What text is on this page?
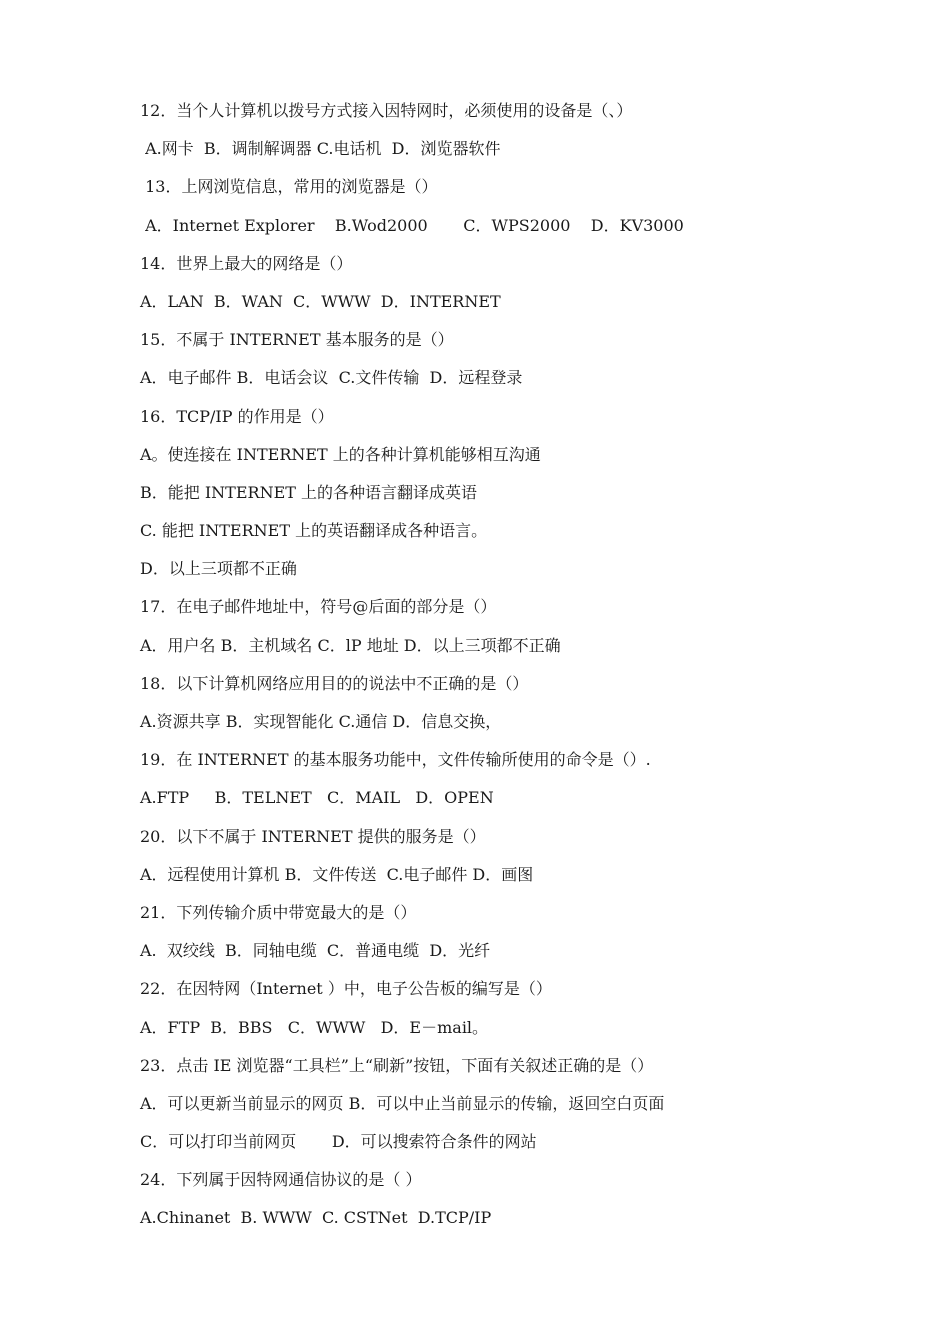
12．当个人计算机以拨号方式接入因特网时，必须使用的设备是（、）
A.网卡  B．调制解调器 C.电话机  D．浏览器软件
13．上网浏览信息，常用的浏览器是（）
A．Internet Explorer    B.Wod2000       C．WPS2000    D．KV3000
14．世界上最大的网络是（）
A．LAN  B．WAN  C．WWW  D．INTERNET
15．不属于 INTERNET 基本服务的是（）
A．电子邮件 B．电话会议  C.文件传输  D．远程登录
16．TCP/IP 的作用是（）
A。使连接在 INTERNET 上的各种计算机能够相互沟通
B．能把 INTERNET 上的各种语言翻译成英语
C. 能把 INTERNET 上的英语翻译成各种语言。
D．以上三项都不正确
17．在电子邮件地址中，符号@后面的部分是（）
A．用户名 B．主机域名 C．lP 地址 D．以上三项都不正确
18．以下计算机网络应用目的的说法中不正确的是（）
A.资源共享 B．实现智能化 C.通信 D．信息交换，
19．在 INTERNET 的基本服务功能中，文件传输所使用的命令是（）.
A.FTP     B．TELNET   C．MAIL   D．OPEN
20．以下不属于 INTERNET 提供的服务是（）
A．远程使用计算机 B．文件传送  C.电子邮件 D．画图
21．下列传输介质中带宽最大的是（）
A.  双绞线  B．同轴电缆  C．普通电缆  D．光纤
22．在因特网（Internet ）中，电子公告板的编写是（）
A．FTP  B．BBS   C．WWW   D．E－mail。
23．点击 IE 浏览器“工具栏”上“刷新”按钮，下面有关叙述正确的是（）
A．可以更新当前显示的网页 B．可以中止当前显示的传输，返回空白页面
C．可以打印当前网页       D．可以搜索符合条件的网站
24．下列属于因特网通信协议的是（ ）
A.Chinanet  B. WWW  C. CSTNet  D.TCP/IP
